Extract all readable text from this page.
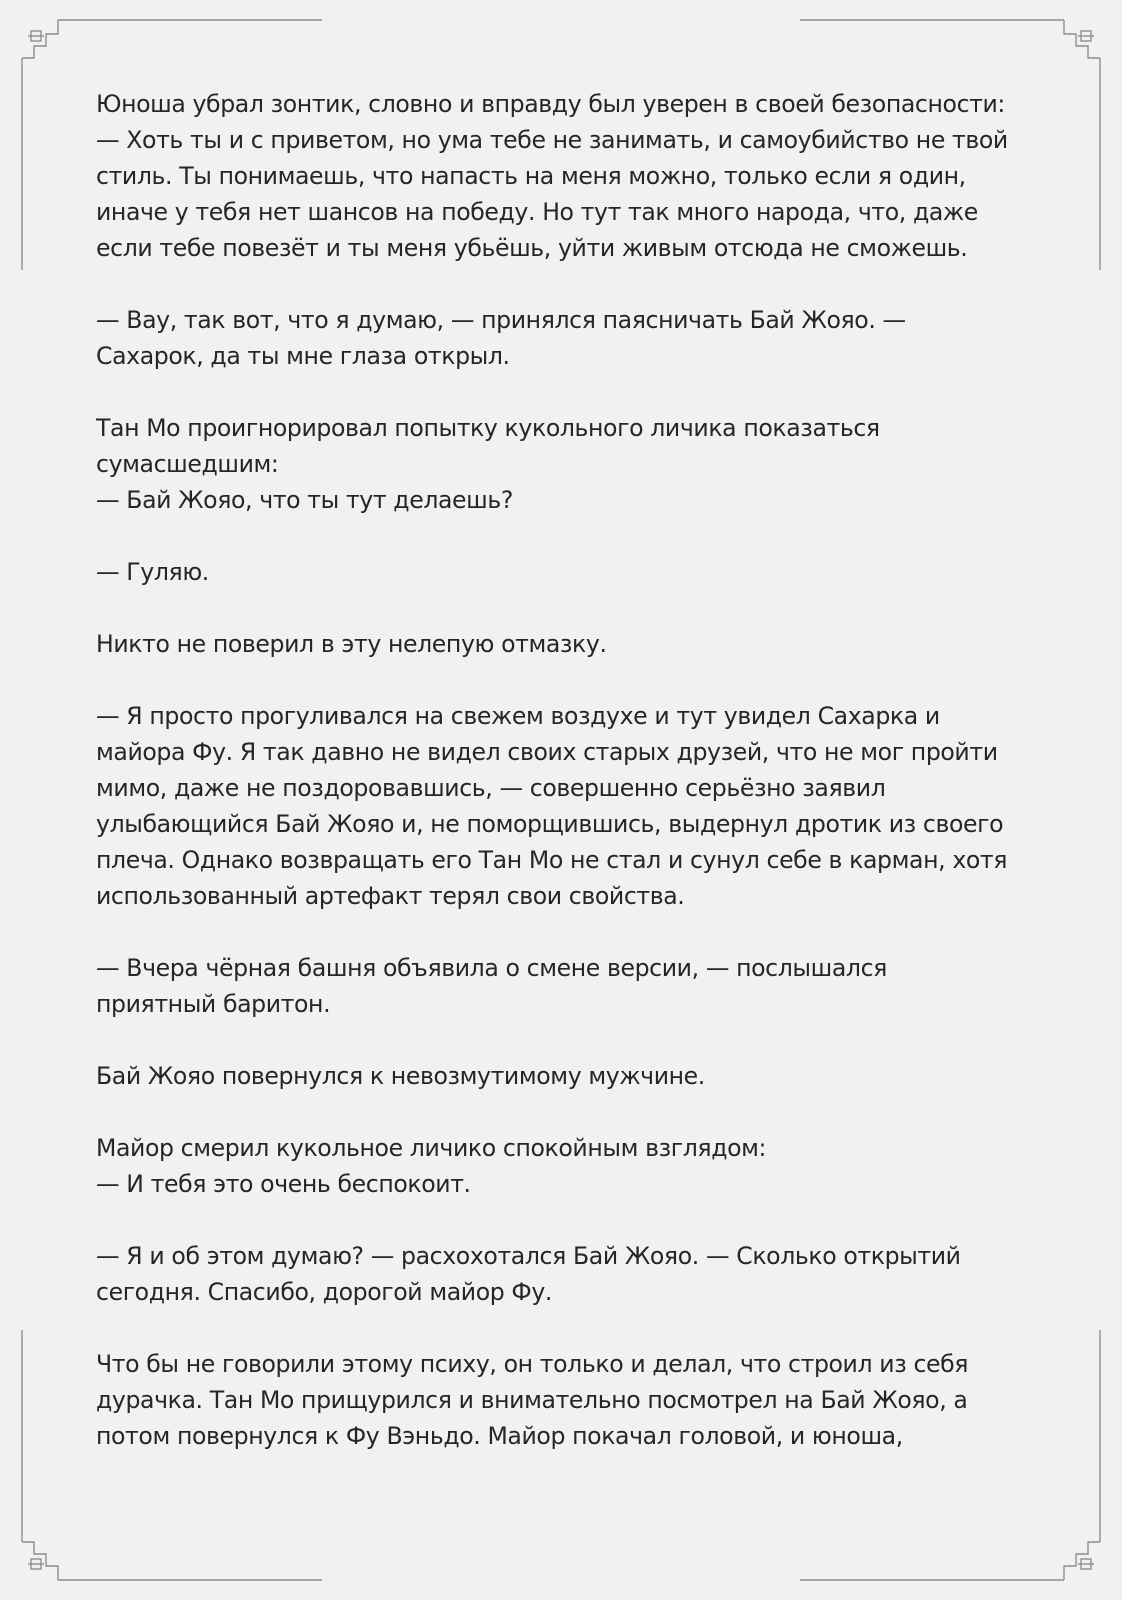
Юноша убрал зонтик, словно и вправду был уверен в своей безопасности:
— Хоть ты и с приветом, но ума тебе не занимать, и самоубийство не твой
стиль. Ты понимаешь, что напасть на меня можно, только если я один,
иначе у тебя нет шансов на победу. Но тут так много народа, что, даже
если тебе повезёт и ты меня убьёшь, уйти живым отсюда не сможешь.
— Вау, так вот, что я думаю, — принялся паясничать Бай Жояо. —
Сахарок, да ты мне глаза открыл.
Тан Мо проигнорировал попытку кукольного личика показаться
сумасшедшим:
— Бай Жояо, что ты тут делаешь?
— Гуляю.
Никто не поверил в эту нелепую отмазку.
— Я просто прогуливался на свежем воздухе и тут увидел Сахарка и
майора Фу. Я так давно не видел своих старых друзей, что не мог пройти
мимо, даже не поздоровавшись, — совершенно серьёзно заявил
улыбающийся Бай Жояо и, не поморщившись, выдернул дротик из своего
плеча. Однако возвращать его Тан Мо не стал и сунул себе в карман, хотя
использованный артефакт терял свои свойства.
— Вчера чёрная башня объявила о смене версии, — послышался
приятный баритон.
Бай Жояо повернулся к невозмутимому мужчине.
Майор смерил кукольное личико спокойным взглядом:
— И тебя это очень беспокоит.
— Я и об этом думаю? — расхохотался Бай Жояо. — Сколько открытий
сегодня. Спасибо, дорогой майор Фу.
Что бы не говорили этому психу, он только и делал, что строил из себя
дурачка. Тан Мо прищурился и внимательно посмотрел на Бай Жояо, а
потом повернулся к Фу Вэньдо. Майор покачал головой, и юноша,
